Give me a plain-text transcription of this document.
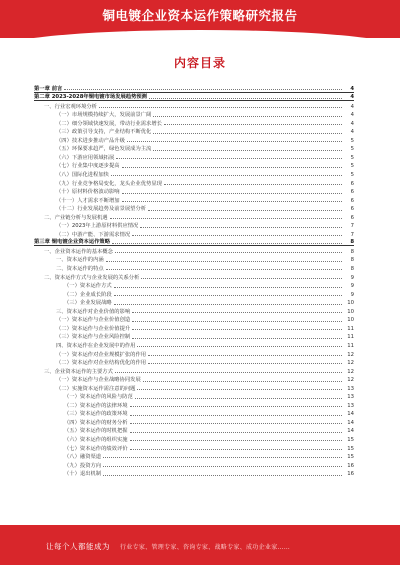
铜电镀企业资本运作策略研究报告
内容目录
第一章 前言	4
第二章 2023-2028年铜电镀市场发展趋势预测	4
一、行业宏观环境分析	4
（一）市场规模持续扩大，发展前景广阔	4
（二）细分领域快速发展，带动行业需求增长	4
（三）政策引导支持，产业结构不断优化	4
（四）技术进步推动产品升级	5
（五）环保要求趋严，绿色发展成为主流	5
（六）下游应用领域拓展	5
（七）行业集中度逐步提高	5
（八）国际化进程加快	5
（九）行业竞争格局变化，龙头企业优势显现	6
（十）原材料价格波动影响	6
（十一）人才需求不断增加	6
（十二）行业发展趋势及前景展望分析	6
二、产业链分析与发展机遇	6
（一）2023年上游原材料供应情况	7
（二）中游产能、下游需求情况	7
第三章 铜电镀企业资本运作策略	8
一、企业资本运作的基本概念	8
一、资本运作的内涵	8
二、资本运作的特点	8
二、资本运作方式与企业发展的关系分析	9
（一）资本运作方式	9
（二）企业成长阶段	9
（三）企业发展战略	10
三、资本运作对企业价值的影响	10
（一）资本运作与企业价值创造	10
（二）资本运作与企业价值提升	11
（三）资本运作与企业风险控制	11
四、资本运作在企业发展中的作用	11
（一）资本运作对企业规模扩张的作用	12
（二）资本运作对企业结构优化的作用	12
三、企业资本运作的主要方式	12
（一）资本运作与企业战略协同发展	12
（二）实施资本运作需注意的问题	13
（一）资本运作的风险与防范	13
（二）资本运作的法律环境	13
（三）资本运作的政策环境	14
（四）资本运作的财务分析	14
（五）资本运作的时机把握	14
（六）资本运作的组织实施	15
（七）资本运作的绩效评价	15
（八）融资渠道	15
（九）投资方向	16
（十）退出机制	16
让每个人都能成为 行业专家、管理专家、咨询专家、战略专家、成功企业家……
